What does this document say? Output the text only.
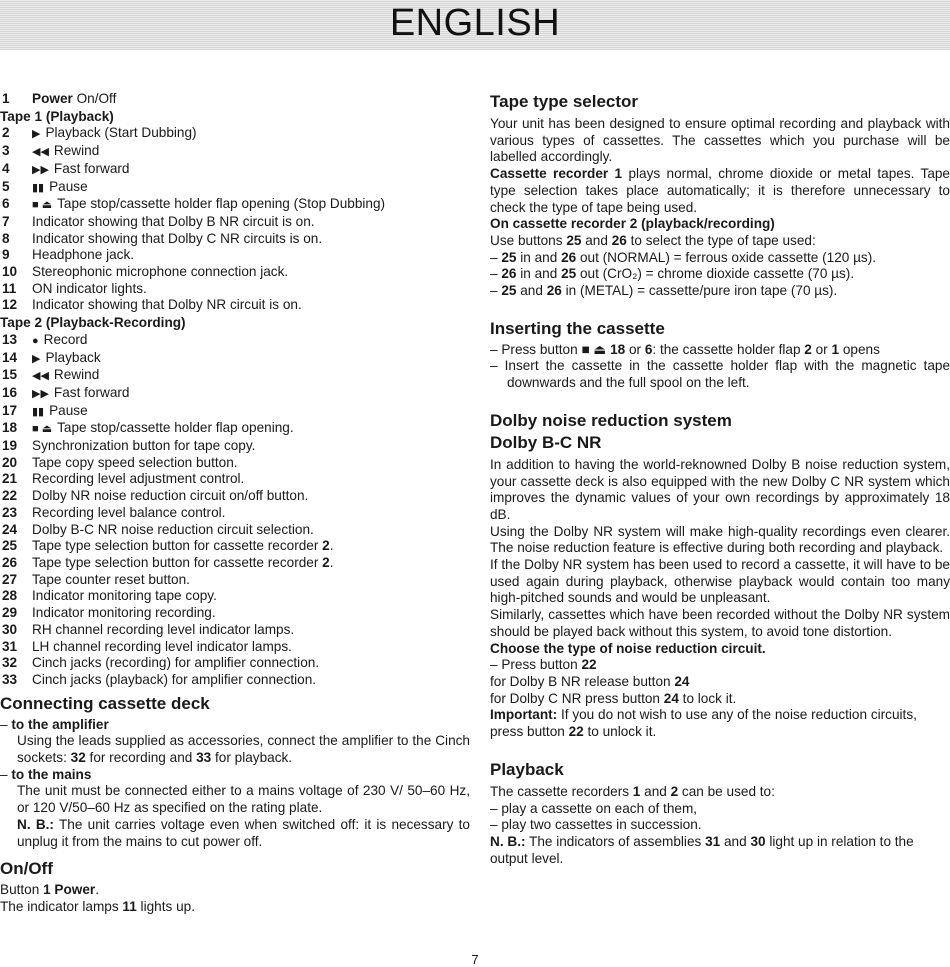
ENGLISH
1 Power On/Off
Tape 1 (Playback)
2 ▶ Playback (Start Dubbing)
3 ◀◀ Rewind
4 ▶▶ Fast forward
5 ▮▮ Pause
6 ■ ⏏ Tape stop/cassette holder flap opening (Stop Dubbing)
7 Indicator showing that Dolby B NR circuit is on.
8 Indicator showing that Dolby C NR circuits is on.
9 Headphone jack.
10 Stereophonic microphone connection jack.
11 ON indicator lights.
12 Indicator showing that Dolby NR circuit is on.
Tape 2 (Playback-Recording)
13 ● Record
14 ▶ Playback
15 ◀◀ Rewind
16 ▶▶ Fast forward
17 ▮▮ Pause
18 ■ ⏏ Tape stop/cassette holder flap opening.
19 Synchronization button for tape copy.
20 Tape copy speed selection button.
21 Recording level adjustment control.
22 Dolby NR noise reduction circuit on/off button.
23 Recording level balance control.
24 Dolby B-C NR noise reduction circuit selection.
25 Tape type selection button for cassette recorder 2.
26 Tape type selection button for cassette recorder 2.
27 Tape counter reset button.
28 Indicator monitoring tape copy.
29 Indicator monitoring recording.
30 RH channel recording level indicator lamps.
31 LH channel recording level indicator lamps.
32 Cinch jacks (recording) for amplifier connection.
33 Cinch jacks (playback) for amplifier connection.
Connecting cassette deck
– to the amplifier

Using the leads supplied as accessories, connect the amplifier to the Cinch sockets: 32 for recording and 33 for playback.

– to the mains

The unit must be connected either to a mains voltage of 230 V/ 50–60 Hz, or 120 V/50–60 Hz as specified on the rating plate.

N. B.: The unit carries voltage even when switched off: it is necessary to unplug it from the mains to cut power off.

On/Off

Button 1 Power.

The indicator lamps 11 lights up.

Tape type selector

Your unit has been designed to ensure optimal recording and playback with various types of cassettes. The cassettes which you purchase will be labelled accordingly.

Cassette recorder 1 plays normal, chrome dioxide or metal tapes. Tape type selection takes place automatically; it is therefore unnecessary to check the type of tape being used.

On cassette recorder 2 (playback/recording)

Use buttons 25 and 26 to select the type of tape used:

– 25 in and 26 out (NORMAL) = ferrous oxide cassette (120 µs).

– 26 in and 25 out (CrO₂) = chrome dioxide cassette (70 µs).

– 25 and 26 in (METAL) = cassette/pure iron tape (70 µs).

Inserting the cassette

– Press button ■ ⏏ 18 or 6: the cassette holder flap 2 or 1 opens

– Insert the cassette in the cassette holder flap with the magnetic tape downwards and the full spool on the left.

Dolby noise reduction system
Dolby B-C NR

In addition to having the world-reknowned Dolby B noise reduction system, your cassette deck is also equipped with the new Dolby C NR system which improves the dynamic values of your own recordings by approximately 18 dB.

Using the Dolby NR system will make high-quality recordings even clearer. The noise reduction feature is effective during both recording and playback.

If the Dolby NR system has been used to record a cassette, it will have to be used again during playback, otherwise playback would contain too many high-pitched sounds and would be unpleasant.

Similarly, cassettes which have been recorded without the Dolby NR system should be played back without this system, to avoid tone distortion.

Choose the type of noise reduction circuit.

– Press button 22

for Dolby B NR release button 24

for Dolby C NR press button 24 to lock it.

Important: If you do not wish to use any of the noise reduction circuits, press button 22 to unlock it.

Playback

The cassette recorders 1 and 2 can be used to:

– play a cassette on each of them,

– play two cassettes in succession.

N. B.: The indicators of assemblies 31 and 30 light up in relation to the output level.

7
